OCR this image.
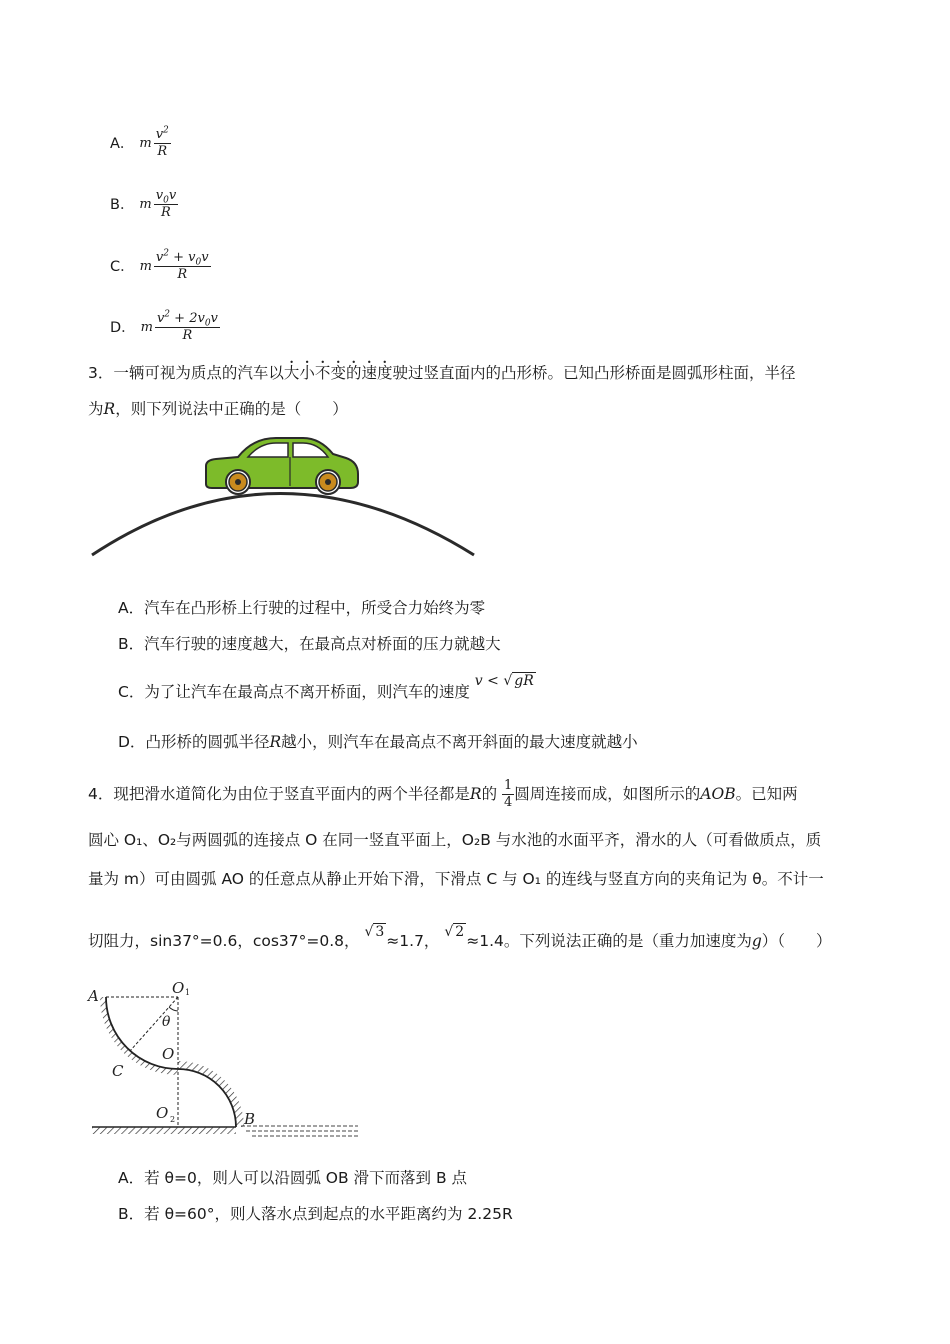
A． m $\frac{v^2}{R}$
B． m $\frac{v_0v}{R}$
C． m $\frac{v^2 + v_0v}{R}$
D． m $\frac{v^2 + 2v_0v}{R}$
3．一辆可视为质点的汽车以大小不变的速度驶过竖直面内的凸形桥。已知凸形桥面是圆弧形柱面，半径
为R，则下列说法中正确的是（　　）
A．汽车在凸形桥上行驶的过程中，所受合力始终为零
B．汽车行驶的速度越大，在最高点对桥面的压力就越大
C．为了让汽车在最高点不离开桥面，则汽车的速度 v < √ gR
D．凸形桥的圆弧半径R越小，则汽车在最高点不离开斜面的最大速度就越小
4．现把滑水道简化为由位于竖直平面内的两个半径都是R的 $\frac{1}{4}$ 圆周连接而成，如图所示的AOB。已知两
圆心 O₁、O₂与两圆弧的连接点 O 在同一竖直平面上，O₂B 与水池的水面平齐，滑水的人（可看做质点，质
量为 m）可由圆弧 AO 的任意点从静止开始下滑，下滑点 C 与 O₁ 的连线与竖直方向的夹角记为 θ。不计一
切阻力，sin37°=0.6，cos37°=0.8， √ 3 ≈1.7， √ 2 ≈1.4。下列说法正确的是（重力加速度为g）（　　）
A	O 1
θ
O
C
O 2	B
A．若 θ=0，则人可以沿圆弧 OB 滑下而落到 B 点
B．若 θ=60°，则人落水点到起点的水平距离约为 2.25R
